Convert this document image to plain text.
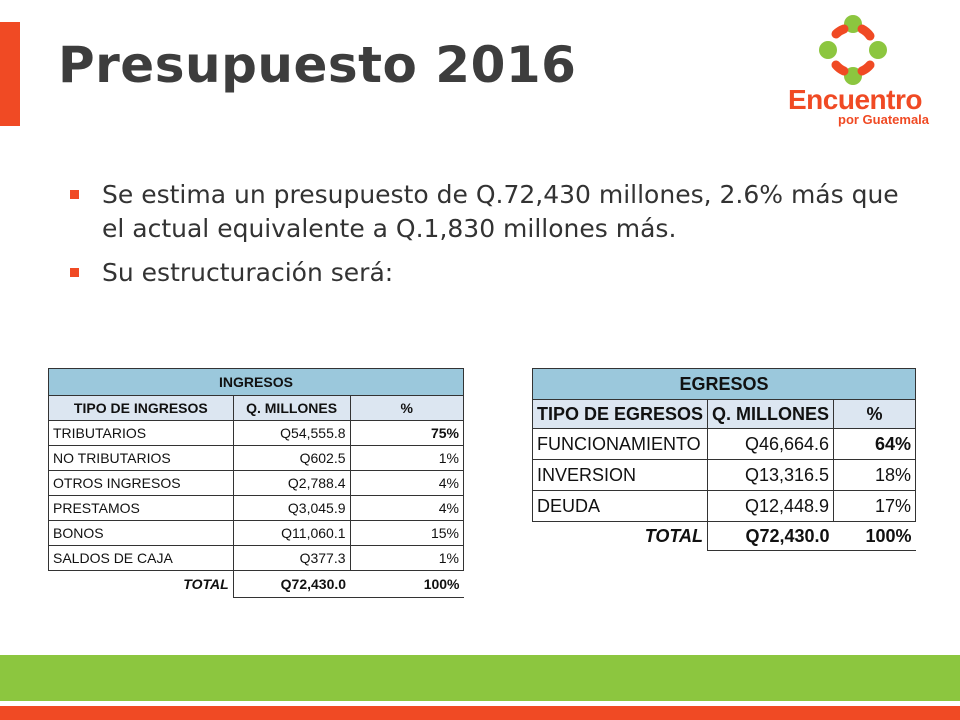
Presupuesto 2016
Encuentro
por Guatemala
Se estima un presupuesto de Q.72,430 millones, 2.6% más que el actual equivalente a Q.1,830 millones más.
Su estructuración será:
INGRESOS		
TIPO DE INGRESOS	Q. MILLONES	%
TRIBUTARIOS	Q54,555.8	75%
NO TRIBUTARIOS	Q602.5	1%
OTROS INGRESOS	Q2,788.4	4%
PRESTAMOS	Q3,045.9	4%
BONOS	Q11,060.1	15%
SALDOS DE CAJA	Q377.3	1%
TOTAL	Q72,430.0	100%
EGRESOS		
TIPO DE EGRESOS	Q. MILLONES	%
FUNCIONAMIENTO	Q46,664.6	64%
INVERSION	Q13,316.5	18%
DEUDA	Q12,448.9	17%
TOTAL	Q72,430.0	100%
